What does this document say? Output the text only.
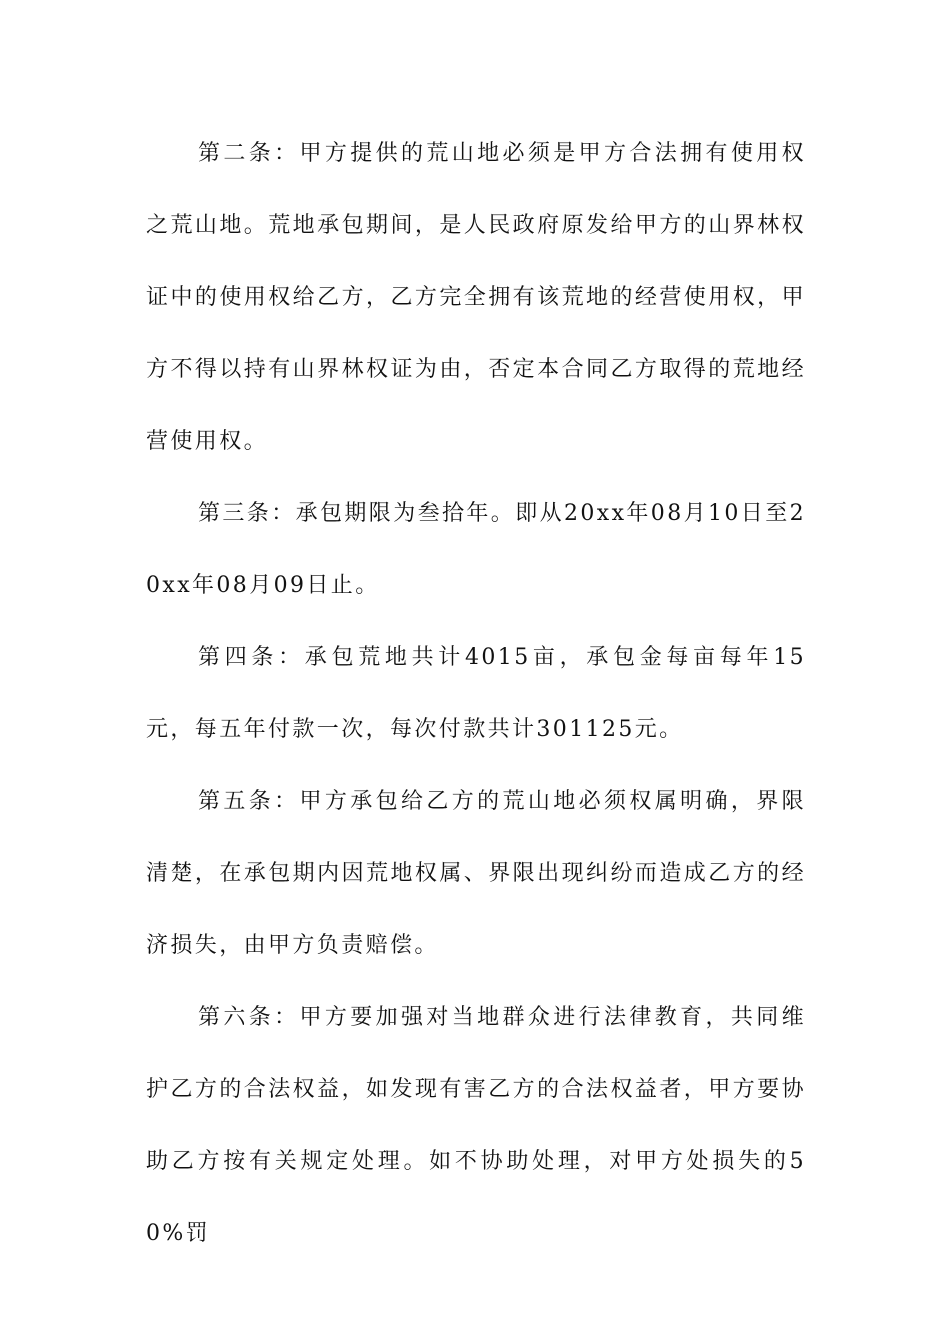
第二条：甲方提供的荒山地必须是甲方合法拥有使用权之荒山地。荒地承包期间，是人民政府原发给甲方的山界林权证中的使用权给乙方，乙方完全拥有该荒地的经营使用权，甲方不得以持有山界林权证为由，否定本合同乙方取得的荒地经营使用权。

第三条：承包期限为叁拾年。即从20xx年08月10日至20xx年08月09日止。

第四条：承包荒地共计4015亩，承包金每亩每年15元，每五年付款一次，每次付款共计301125元。

第五条：甲方承包给乙方的荒山地必须权属明确，界限清楚，在承包期内因荒地权属、界限出现纠纷而造成乙方的经济损失，由甲方负责赔偿。

第六条：甲方要加强对当地群众进行法律教育，共同维护乙方的合法权益，如发现有害乙方的合法权益者，甲方要协助乙方按有关规定处理。如不协助处理，对甲方处损失的50%罚
